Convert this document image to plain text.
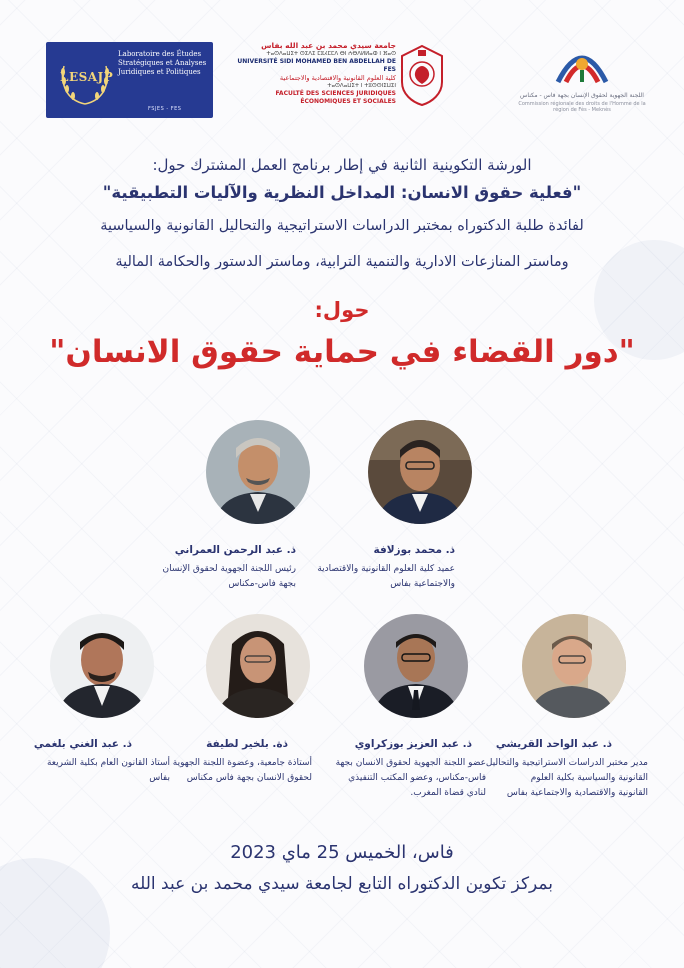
LESAJP
Laboratoire des Études
Stratégiques et Analyses
Juridiques et Politiques
FSJES - FES
جامعة سيدي محمد بن عبد الله بفاس
ⵜⴰⵙⴷⴰⵡⵉⵜ ⵙⵉⴷⵉ ⵎⵓⵃⵎⵎⴷ ⴱⵏ ⵄⴱⴷⵍⵍⴰⵀ ⵏ ⴼⴰⵙ
UNIVERSITÉ SIDI MOHAMED BEN ABDELLAH DE FES
كلية العلوم القانونية والاقتصادية والاجتماعية
ⵜⴰⵙⴷⴰⵡⵉⵜ ⵏ ⵜⵓⵙⵙⵏⵉⵡⵉⵏ
FACULTÉ DES SCIENCES JURIDIQUES ÉCONOMIQUES ET SOCIALES
اللجنة الجهوية لحقوق الإنسان بجهة فاس - مكناس
Commission régionale des droits de l'Homme de la région de Fès - Meknès
الورشة التكوينية الثانية في إطار برنامج العمل المشترك حول:
"فعلية حقوق الانسان: المداخل النظرية والآليات التطبيقية"
لفائدة طلبة الدكتوراه بمختبر الدراسات الاستراتيجية والتحاليل القانونية والسياسية
وماستر المنازعات الادارية والتنمية الترابية، وماستر الدستور والحكامة المالية
حول:
"دور القضاء في حماية حقوق الانسان"
ذ. محمد بوزلافة
عميد كلية العلوم القانونية والاقتصادية
والاجتماعية بفاس
ذ. عبد الرحمن العمراني
رئيس اللجنة الجهوية لحقوق الإنسان
بجهة فاس-مكناس
ذ. عبد الواحد القريشي
مدير مختبر الدراسات الاستراتيجية والتحاليل
القانونية والسياسية بكلية العلوم
القانونية والاقتصادية والاجتماعية بفاس
ذ. عبد العزيز بوزكراوي
عضو اللجنة الجهوية لحقوق الانسان بجهة
فاس-مكناس، وعضو المكتب التنفيذي
لنادي قضاة المغرب.
ذة. بلخير لطيفة
أستاذة جامعية، وعضوة اللجنة الجهوية
لحقوق الانسان بجهة فاس مكناس
ذ. عبد الغني بلغمي
أستاذ القانون العام بكلية الشريعة
بفاس
فاس، الخميس 25 ماي 2023
بمركز تكوين الدكتوراه التابع لجامعة سيدي محمد بن عبد الله
